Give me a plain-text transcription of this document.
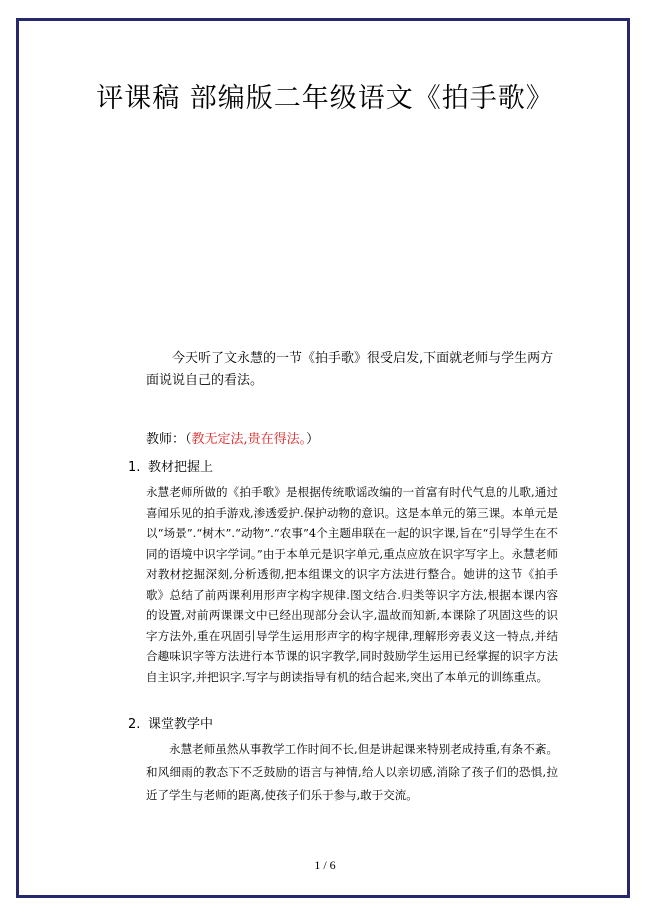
评课稿 部编版二年级语文《拍手歌》
今天听了文永慧的一节《拍手歌》很受启发,下面就老师与学生两方面说说自己的看法。
教师：（教无定法,贵在得法。）
1. 教材把握上
永慧老师所做的《拍手歌》是根据传统歌谣改编的一首富有时代气息的儿歌,通过喜闻乐见的拍手游戏,渗透爱护.保护动物的意识。这是本单元的第三课。本单元是以“场景”.“树木”.“动物”.“农事”4个主题串联在一起的识字课,旨在“引导学生在不同的语境中识字学词。”由于本单元是识字单元,重点应放在识字写字上。永慧老师对教材挖掘深刻,分析透彻,把本组课文的识字方法进行整合。她讲的这节《拍手歌》总结了前两课利用形声字构字规律.图文结合.归类等识字方法,根据本课内容的设置,对前两课课文中已经出现部分会认字,温故而知新,本课除了巩固这些的识字方法外,重在巩固引导学生运用形声字的构字规律,理解形旁表义这一特点,并结合趣味识字等方法进行本节课的识字教学,同时鼓励学生运用已经掌握的识字方法自主识字,并把识字.写字与朗读指导有机的结合起来,突出了本单元的训练重点。
2. 课堂教学中
永慧老师虽然从事教学工作时间不长,但是讲起课来特别老成持重,有条不紊。和风细雨的教态下不乏鼓励的语言与神情,给人以亲切感,消除了孩子们的恐惧,拉近了学生与老师的距离,使孩子们乐于参与,敢于交流。
1 / 6
